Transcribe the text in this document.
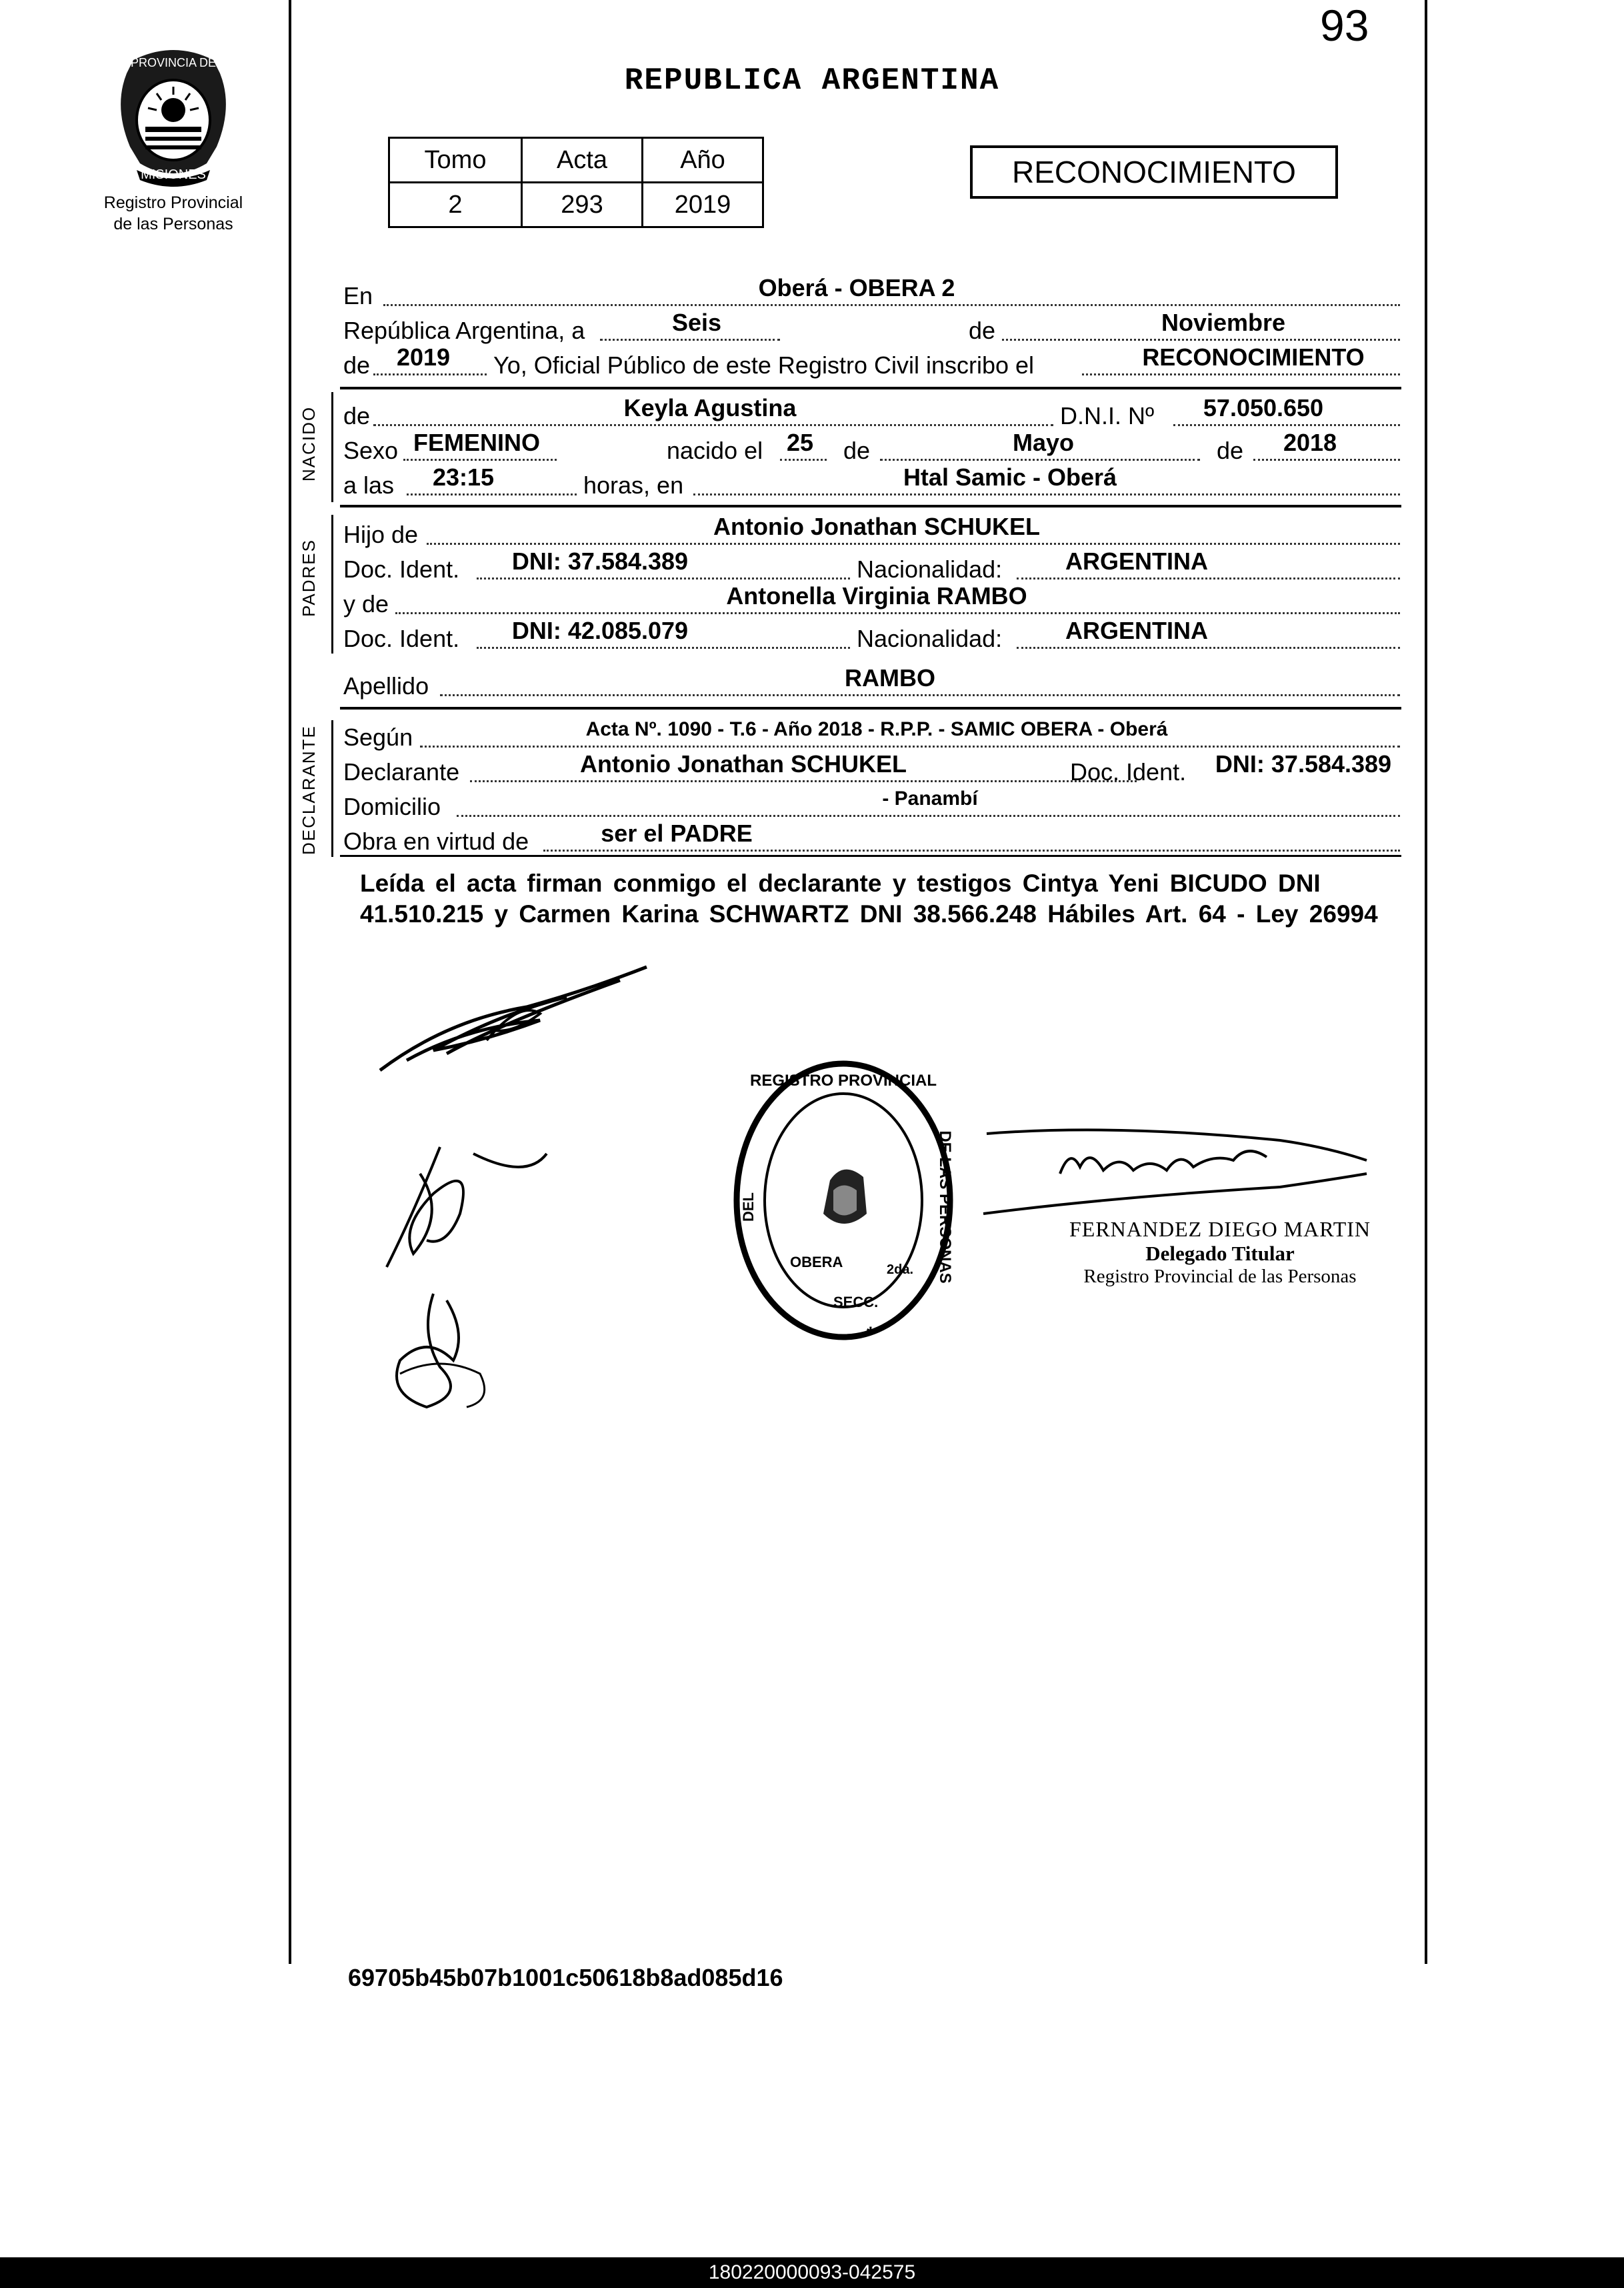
93
PROVINCIA DE
MISIONES
Registro Provincial
de las Personas
REPUBLICA ARGENTINA
Tomo	Acta	Año
2	293	2019
RECONOCIMIENTO
En	Oberá - OBERA 2
República Argentina, a	Seis	de	Noviembre
de	2019	Yo, Oficial Público de este Registro Civil inscribo el	RECONOCIMIENTO
NACIDO de	Keyla Agustina	D.N.I. Nº	57.050.650
Sexo FEMENINO	nacido el 25 de	Mayo	de	2018
a las	23:15	horas, en	Htal Samic - Oberá
PADRES
Hijo de	Antonio Jonathan SCHUKEL
Doc. Ident.	DNI: 37.584.389	Nacionalidad:	ARGENTINA
y de	Antonella Virginia RAMBO
Doc. Ident.	DNI: 42.085.079	Nacionalidad:	ARGENTINA
Apellido	RAMBO
DECLARANTE Según	Acta Nº. 1090 - T.6 - Año 2018 - R.P.P. - SAMIC OBERA - Oberá
Declarante	Antonio Jonathan SCHUKEL	Doc. Ident.	DNI: 37.584.389
Domicilio	- Panambí
Obra en virtud de	ser el PADRE
Leída el acta firman conmigo el declarante y testigos Cintya Yeni BICUDO DNI 41.510.215 y Carmen Karina SCHWARTZ DNI 38.566.248 Hábiles Art. 64 - Ley 26994
REGISTRO PROVINCIAL
DEL	DE LAS PERSONAS
OBERA
SECC.
2da.
*
FERNANDEZ DIEGO MARTIN
Delegado Titular
Registro Provincial de las Personas
69705b45b07b1001c50618b8ad085d16
180220000093-042575
